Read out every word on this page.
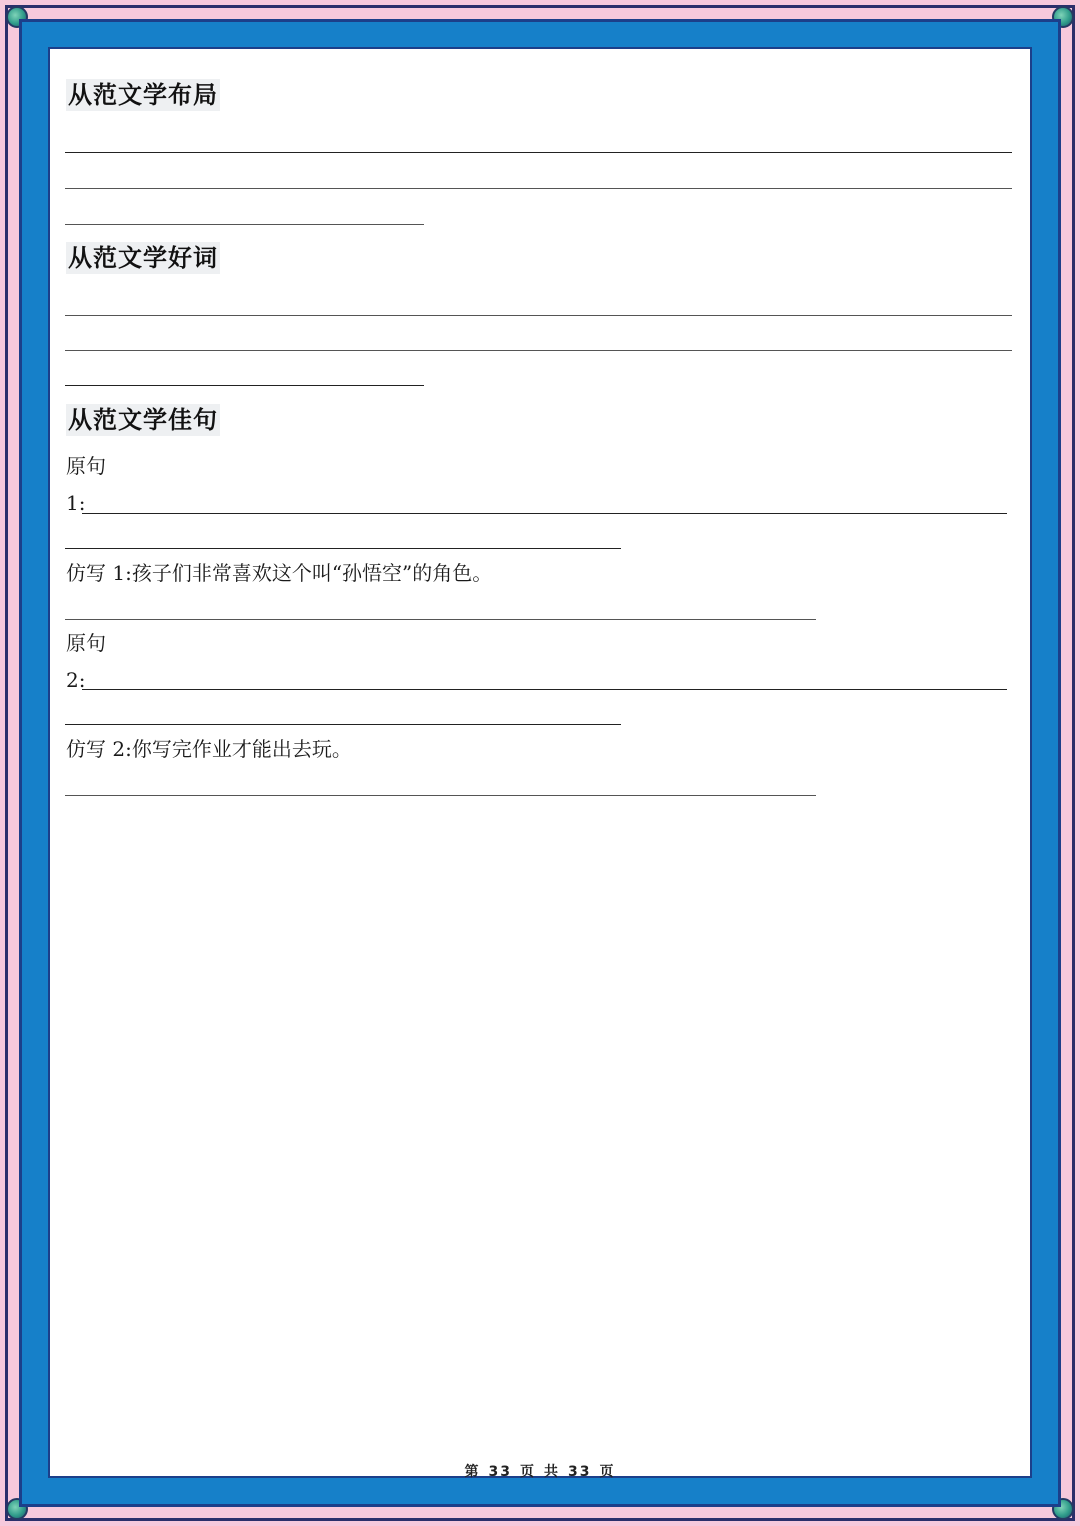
从范文学布局
从范文学好词
从范文学佳句
原句
1:
仿写 1:孩子们非常喜欢这个叫“孙悟空”的角色。
原句
2:
仿写 2:你写完作业才能出去玩。
第 33 页 共 33 页
